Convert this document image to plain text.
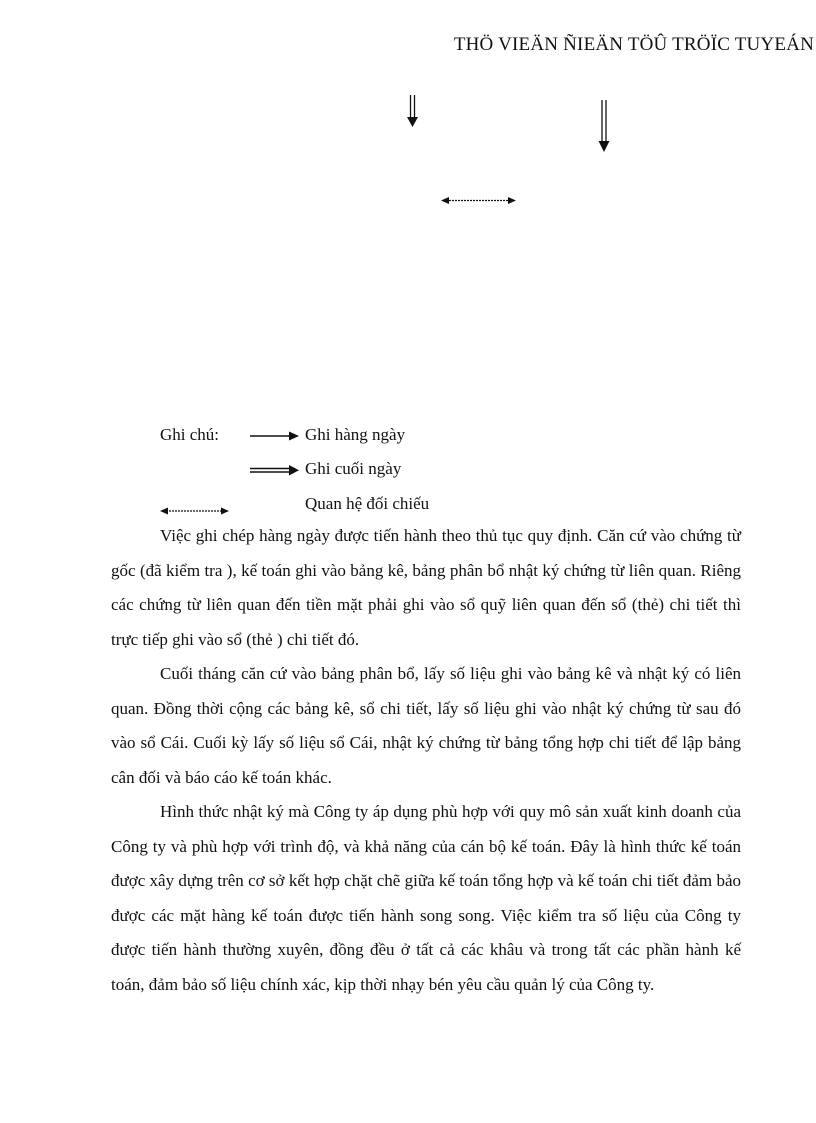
THÖ VIEÄN ÑIEÄN TÖÛ TRÖÏC TUYEÁN
Ghi chú:	Ghi hàng ngày
Ghi cuối ngày
Quan hệ đối chiếu

Việc ghi chép hàng ngày được tiến hành theo thủ tục quy định. Căn cứ vào chứng từ gốc (đã kiểm tra ), kế toán ghi vào bảng kê, bảng phân bổ nhật ký chứng từ liên quan. Riêng các chứng từ liên quan đến tiền mặt phải ghi vào sổ quỹ liên quan đến sổ (thẻ) chi tiết thì trực tiếp ghi vào sổ (thẻ ) chi tiết đó.

Cuối tháng căn cứ vào bảng phân bổ, lấy số liệu ghi vào bảng kê và nhật ký có liên quan. Đồng thời cộng các bảng kê, sổ chi tiết, lấy số liệu ghi vào nhật ký chứng từ sau đó vào sổ Cái. Cuối kỳ lấy số liệu sổ Cái, nhật ký chứng từ bảng tổng hợp chi tiết để lập bảng cân đối và báo cáo kế toán khác.

Hình thức nhật ký mà Công ty áp dụng phù hợp với quy mô sản xuất kinh doanh của Công ty và phù hợp với trình độ, và khả năng của cán bộ kế toán. Đây là hình thức kế toán được xây dựng trên cơ sở kết hợp chặt chẽ giữa kế toán tổng hợp và kế toán chi tiết đảm bảo được các mặt hàng kế toán được tiến hành song song. Việc kiểm tra số liệu của Công ty được tiến hành thường xuyên, đồng đều ở tất cả các khâu và trong tất các phần hành kế toán, đảm bảo số liệu chính xác, kịp thời nhạy bén yêu cầu quản lý của Công ty.
